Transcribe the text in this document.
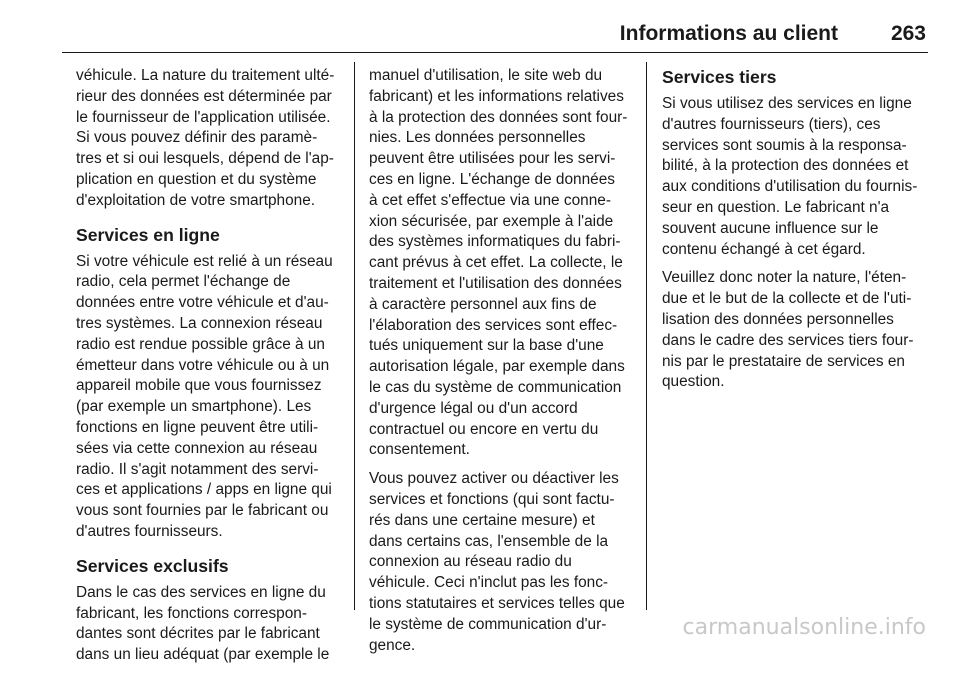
Informations au client	263

véhicule. La nature du traitement ulté-
rieur des données est déterminée par
le fournisseur de l'application utilisée.
Si vous pouvez définir des paramè-
tres et si oui lesquels, dépend de l'ap-
plication en question et du système
d'exploitation de votre smartphone.

Services en ligne

Si votre véhicule est relié à un réseau
radio, cela permet l'échange de
données entre votre véhicule et d'au-
tres systèmes. La connexion réseau
radio est rendue possible grâce à un
émetteur dans votre véhicule ou à un
appareil mobile que vous fournissez
(par exemple un smartphone). Les
fonctions en ligne peuvent être utili-
sées via cette connexion au réseau
radio. Il s'agit notamment des servi-
ces et applications / apps en ligne qui
vous sont fournies par le fabricant ou
d'autres fournisseurs.

Services exclusifs

Dans le cas des services en ligne du
fabricant, les fonctions correspon-
dantes sont décrites par le fabricant
dans un lieu adéquat (par exemple le

manuel d'utilisation, le site web du
fabricant) et les informations relatives
à la protection des données sont four-
nies. Les données personnelles
peuvent être utilisées pour les servi-
ces en ligne. L'échange de données
à cet effet s'effectue via une conne-
xion sécurisée, par exemple à l'aide
des systèmes informatiques du fabri-
cant prévus à cet effet. La collecte, le
traitement et l'utilisation des données
à caractère personnel aux fins de
l'élaboration des services sont effec-
tués uniquement sur la base d'une
autorisation légale, par exemple dans
le cas du système de communication
d'urgence légal ou d'un accord
contractuel ou encore en vertu du
consentement.

Vous pouvez activer ou déactiver les
services et fonctions (qui sont factu-
rés dans une certaine mesure) et
dans certains cas, l'ensemble de la
connexion au réseau radio du
véhicule. Ceci n'inclut pas les fonc-
tions statutaires et services telles que
le système de communication d'ur-
gence.

Services tiers

Si vous utilisez des services en ligne
d'autres fournisseurs (tiers), ces
services sont soumis à la responsa-
bilité, à la protection des données et
aux conditions d'utilisation du fournis-
seur en question. Le fabricant n'a
souvent aucune influence sur le
contenu échangé à cet égard.

Veuillez donc noter la nature, l'éten-
due et le but de la collecte et de l'uti-
lisation des données personnelles
dans le cadre des services tiers four-
nis par le prestataire de services en
question.

carmanualsonline.info
